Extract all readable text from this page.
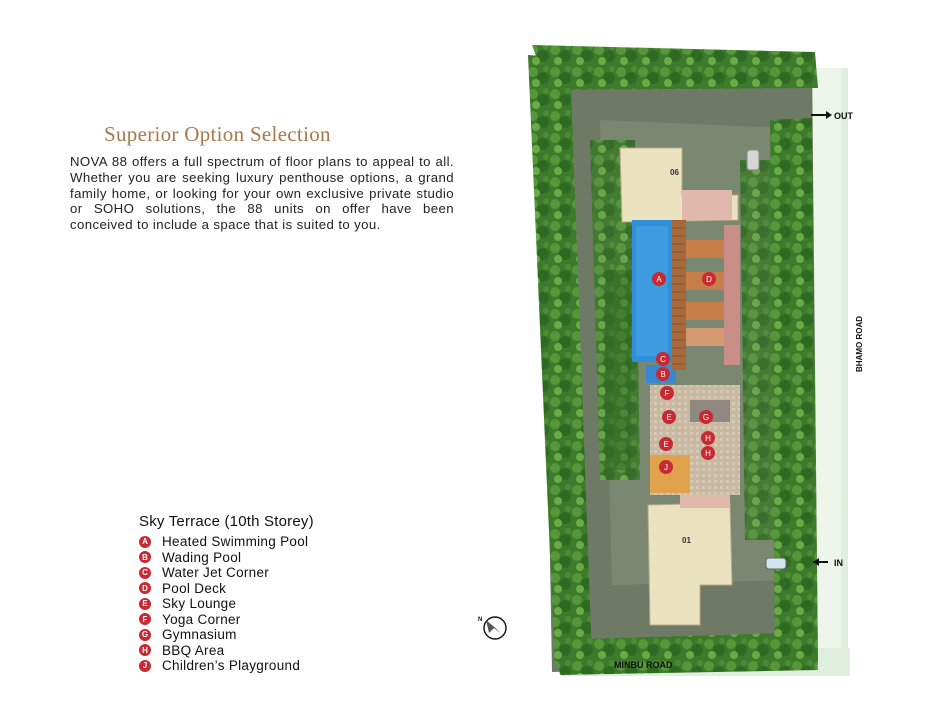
Superior Option Selection
NOVA 88 offers a full spectrum of floor plans to appeal to all. Whether you are seeking luxury penthouse options, a grand family home, or looking for your own exclusive private studio or SOHO solutions, the 88 units on offer have been conceived to include a space that is suited to you.
Sky Terrace (10th Storey)
A Heated Swimming Pool
B Wading Pool
C Water Jet Corner
D Pool Deck
E Sky Lounge
F Yoga Corner
G Gymnasium
H BBQ Area
J Children’s Playground
06
01
A	D
C
B
F
E	G
H
E
H
J
OUT
IN
BHAMO ROAD
MINBU ROAD
N
